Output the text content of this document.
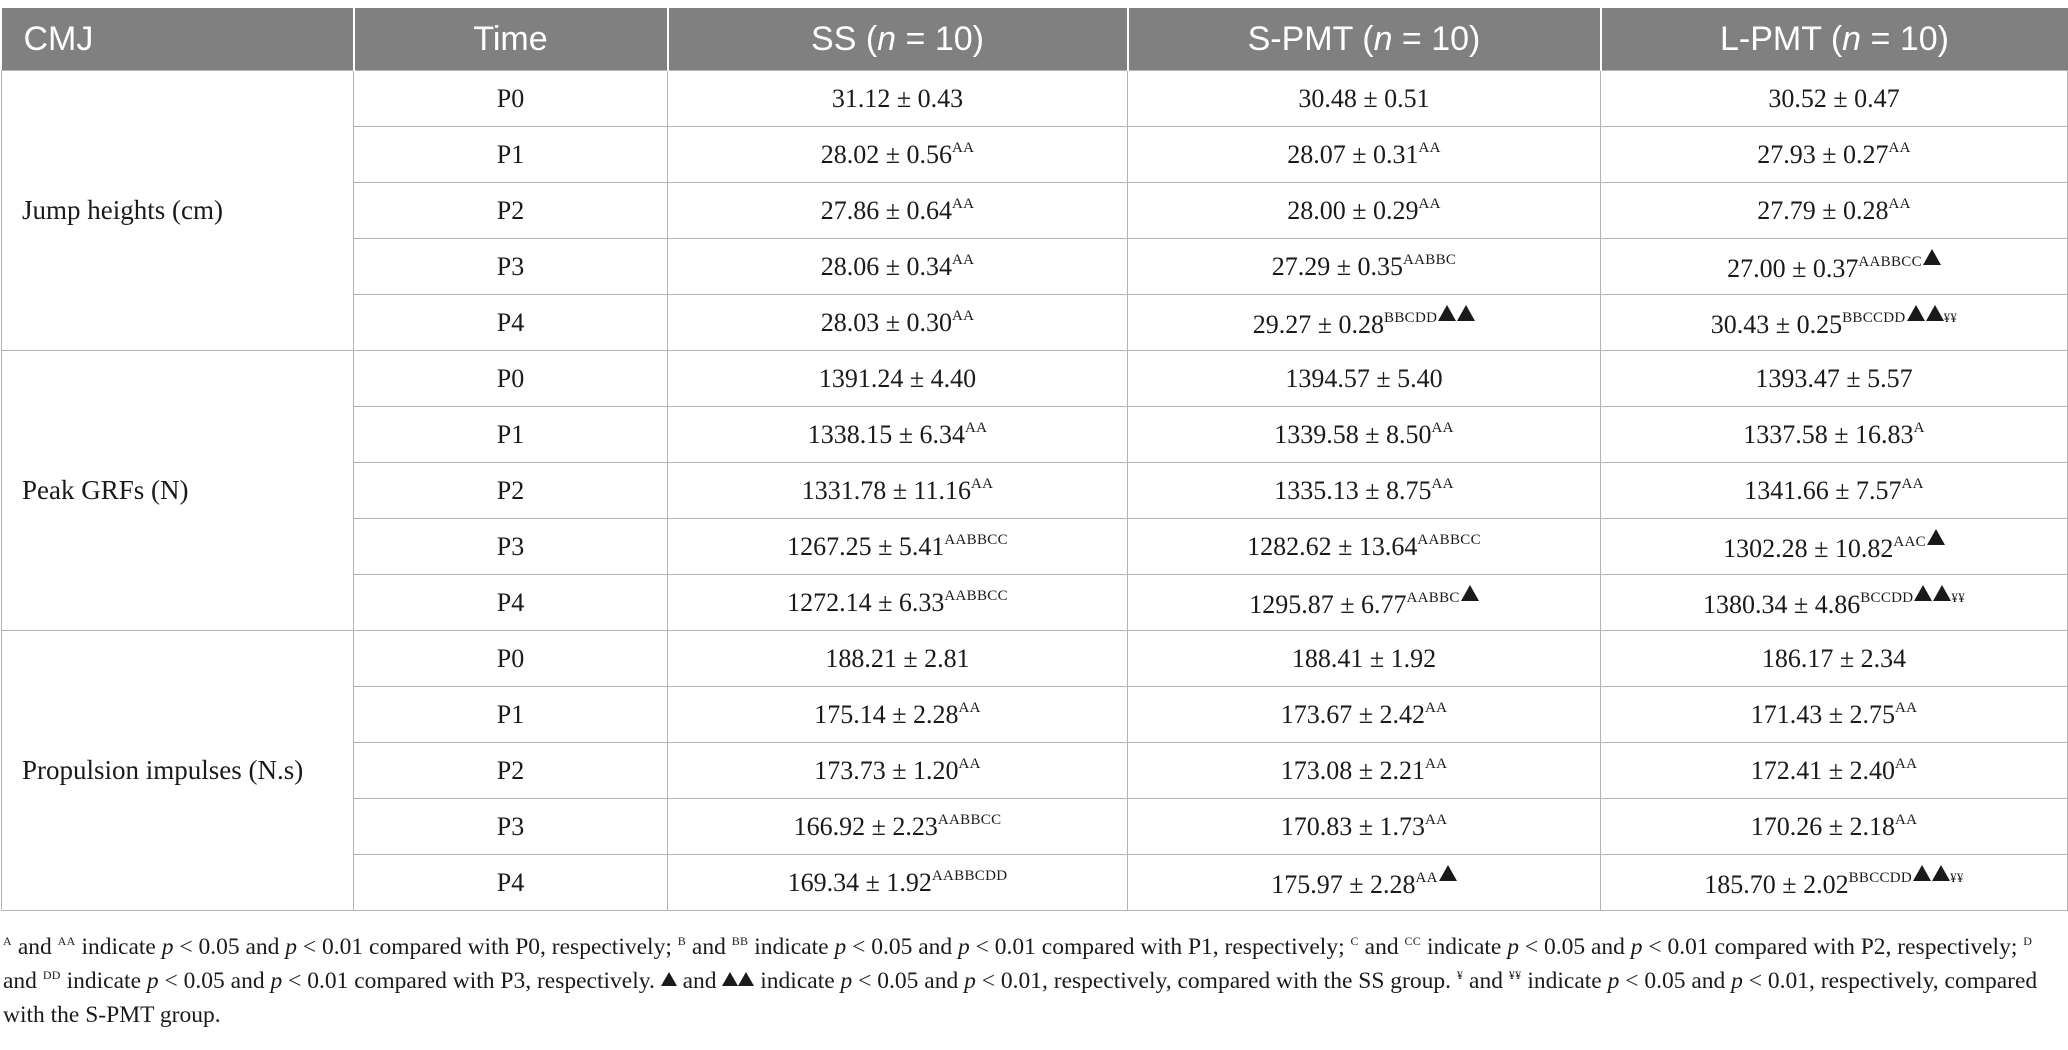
CMJ	Time	SS (n = 10)	S-PMT (n = 10)	L-PMT (n = 10)
Jump heights (cm)	P0	31.12 ± 0.43	30.48 ± 0.51	30.52 ± 0.47
	P1	$28.02 \pm 0.56^{AA}$	$28.07 \pm 0.31^{AA}$	$27.93 \pm 0.27^{AA}$
	P2	$27.86 \pm 0.64^{AA}$	$28.00 \pm 0.29^{AA}$	$27.79 \pm 0.28^{AA}$
	P3	$28.06 \pm 0.34^{AA}$	$27.29 \pm 0.35^{AABBC}$	$27.00 \pm 0.37^{AABBCC}$
	P4	$28.03 \pm 0.30^{AA}$	$29.27 \pm 0.28^{BBCDD}$	$30.43 \pm 0.25^{BBCCDD ¥¥}$
Peak GRFs (N)	P0	1391.24 ± 4.40	1394.57 ± 5.40	1393.47 ± 5.57
	P1	$1338.15 \pm 6.34^{AA}$	$1339.58 \pm 8.50^{AA}$	$1337.58 \pm 16.83^A$
	P2	$1331.78 \pm 11.16^{AA}$	$1335.13 \pm 8.75^{AA}$	$1341.66 \pm 7.57^{AA}$
	P3	$1267.25 \pm 5.41^{AABBCC}$	$1282.62 \pm 13.64^{AABBCC}$	$1302.28 \pm 10.82^{AAC}$
	P4	$1272.14 \pm 6.33^{AABBCC}$	$1295.87 \pm 6.77^{AABBC}$	$1380.34 \pm 4.86^{BCCDD ¥¥}$
Propulsion impulses (N.s)	P0	188.21 ± 2.81	188.41 ± 1.92	186.17 ± 2.34
	P1	$175.14 \pm 2.28^{AA}$	$173.67 \pm 2.42^{AA}$	$171.43 \pm 2.75^{AA}$
	P2	$173.73 \pm 1.20^{AA}$	$173.08 \pm 2.21^{AA}$	$172.41 \pm 2.40^{AA}$
	P3	$166.92 \pm 2.23^{AABBCC}$	$170.83 \pm 1.73^{AA}$	$170.26 \pm 2.18^{AA}$
	P4	$169.34 \pm 1.92^{AABBCDD}$	$175.97 \pm 2.28^{AA}$	$185.70 \pm 2.02^{BBCCDD ¥¥}$
$^A$ and $^{AA}$ indicate p < 0.05 and p < 0.01 compared with P0, respectively; $^B$ and $^{BB}$ indicate p < 0.05 and p < 0.01 compared with P1, respectively; $^C$ and $^{CC}$ indicate p < 0.05 and p < 0.01 compared with P2, respectively; $^D$ and $^{DD}$ indicate p < 0.05 and p < 0.01 compared with P3, respectively.  and  indicate p < 0.05 and p < 0.01, respectively, compared with the SS group. ¥ and ¥¥ indicate p < 0.05 and p < 0.01, respectively, compared with the S-PMT group.
